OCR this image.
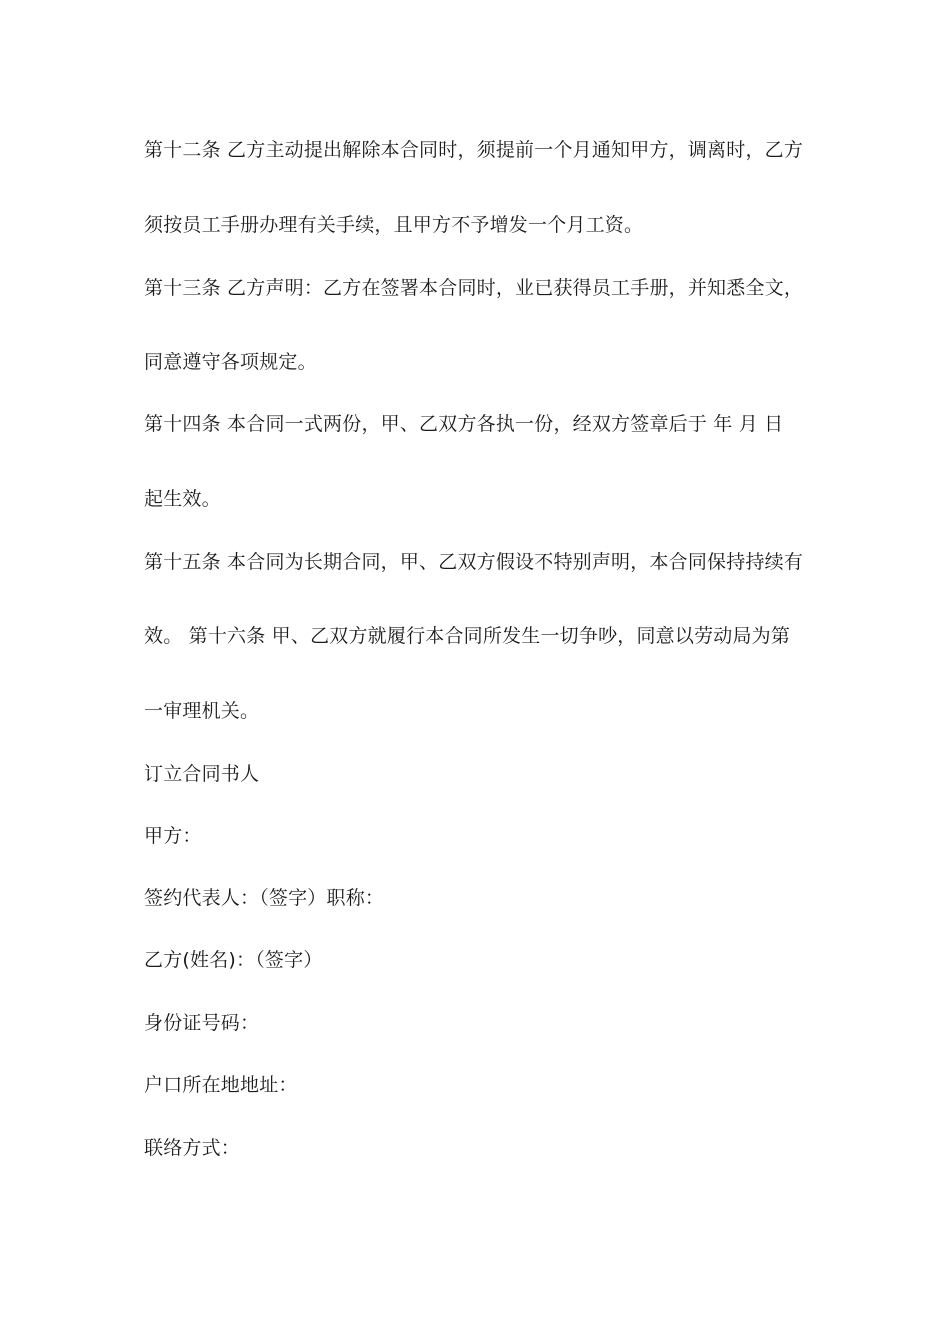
第十二条 乙方主动提出解除本合同时，须提前一个月通知甲方，调离时，乙方
须按员工手册办理有关手续，且甲方不予增发一个月工资。
第十三条 乙方声明：乙方在签署本合同时，业已获得员工手册，并知悉全文，
同意遵守各项规定。
第十四条 本合同一式两份，甲、乙双方各执一份，经双方签章后于 年 月 日
起生效。
第十五条 本合同为长期合同，甲、乙双方假设不特别声明，本合同保持持续有
效。 第十六条 甲、乙双方就履行本合同所发生一切争吵，同意以劳动局为第
一审理机关。
订立合同书人
甲方：
签约代表人：（签字）职称：
乙方(姓名)：（签字）
身份证号码：
户口所在地地址：
联络方式：
